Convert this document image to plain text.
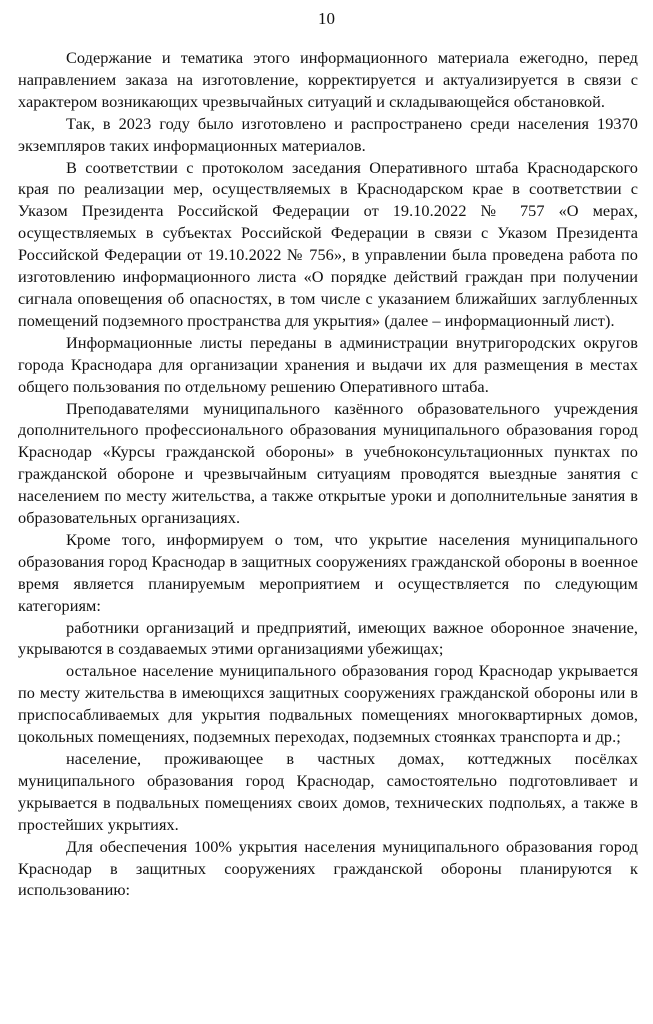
10

Содержание и тематика этого информационного материала ежегодно, перед направлением заказа на изготовление, корректируется и актуализируется в связи с характером возникающих чрезвычайных ситуаций и складывающейся обстановкой.

Так, в 2023 году было изготовлено и распространено среди населения 19370 экземпляров таких информационных материалов.

В соответствии с протоколом заседания Оперативного штаба Краснодарского края по реализации мер, осуществляемых в Краснодарском крае в соответствии с Указом Президента Российской Федерации от 19.10.2022 № 757 «О мерах, осуществляемых в субъектах Российской Федерации в связи с Указом Президента Российской Федерации от 19.10.2022 № 756», в управлении была проведена работа по изготовлению информационного листа «О порядке действий граждан при получении сигнала оповещения об опасностях, в том числе с указанием ближайших заглубленных помещений подземного пространства для укрытия» (далее – информационный лист).

Информационные листы переданы в администрации внутригородских округов города Краснодара для организации хранения и выдачи их для размещения в местах общего пользования по отдельному решению Оперативного штаба.

Преподавателями муниципального казённого образовательного учреждения дополнительного профессионального образования муниципального образования город Краснодар «Курсы гражданской обороны» в учебноконсультационных пунктах по гражданской обороне и чрезвычайным ситуациям проводятся выездные занятия с населением по месту жительства, а также открытые уроки и дополнительные занятия в образовательных организациях.

Кроме того, информируем о том, что укрытие населения муниципального образования город Краснодар в защитных сооружениях гражданской обороны в военное время является планируемым мероприятием и осуществляется по следующим категориям:

работники организаций и предприятий, имеющих важное оборонное значение, укрываются в создаваемых этими организациями убежищах;

остальное население муниципального образования город Краснодар укрывается по месту жительства в имеющихся защитных сооружениях гражданской обороны или в приспосабливаемых для укрытия подвальных помещениях многоквартирных домов, цокольных помещениях, подземных переходах, подземных стоянках транспорта и др.;

население, проживающее в частных домах, коттеджных посёлках муниципального образования город Краснодар, самостоятельно подготовливает и укрывается в подвальных помещениях своих домов, технических подпольях, а также в простейших укрытиях.

Для обеспечения 100% укрытия населения муниципального образования город Краснодар в защитных сооружениях гражданской обороны планируются к использованию:
